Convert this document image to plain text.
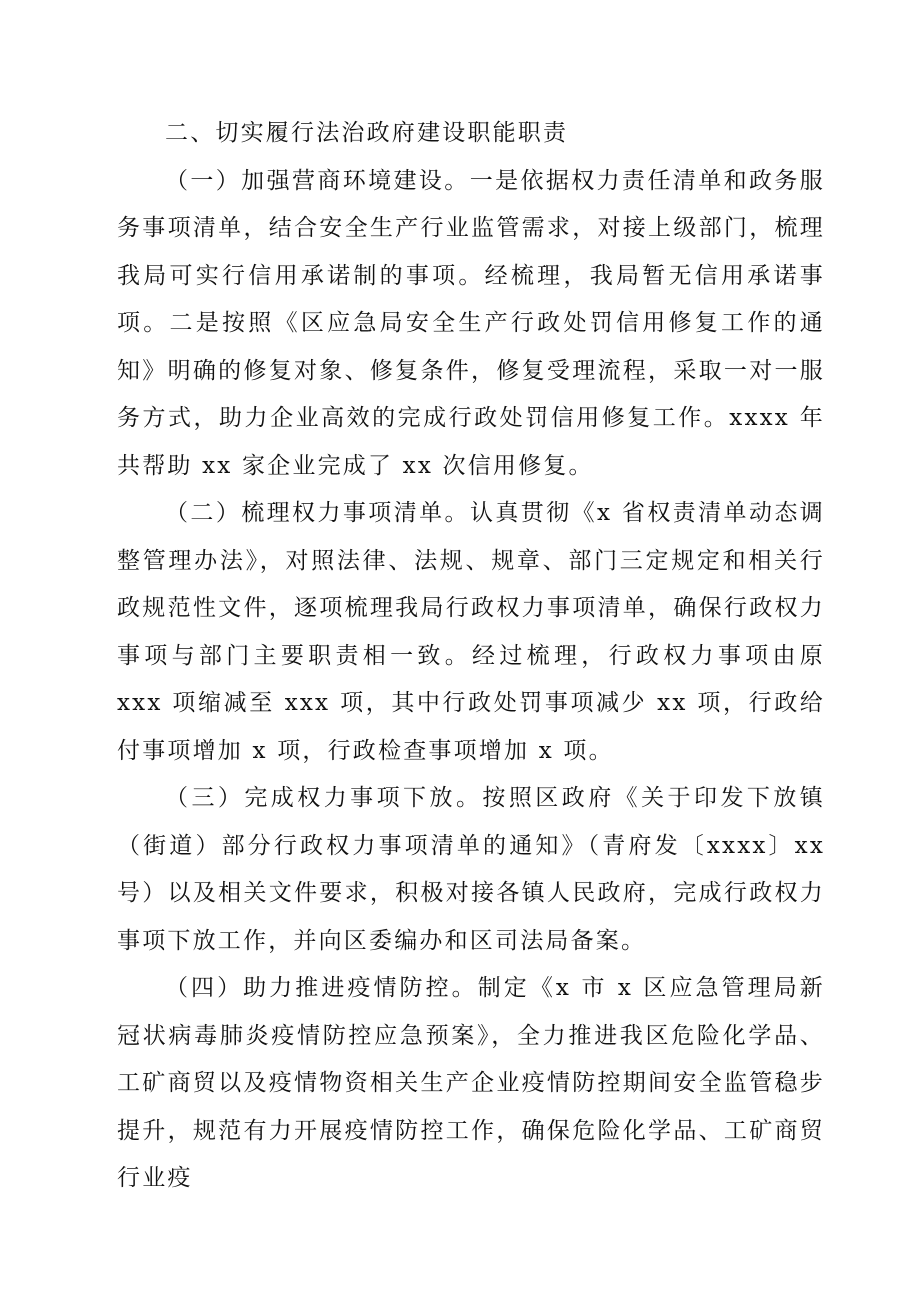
二、切实履行法治政府建设职能职责

（一）加强营商环境建设。一是依据权力责任清单和政务服务事项清单，结合安全生产行业监管需求，对接上级部门，梳理我局可实行信用承诺制的事项。经梳理，我局暂无信用承诺事项。二是按照《区应急局安全生产行政处罚信用修复工作的通知》明确的修复对象、修复条件，修复受理流程，采取一对一服务方式，助力企业高效的完成行政处罚信用修复工作。xxxx 年共帮助 xx 家企业完成了 xx 次信用修复。

（二）梳理权力事项清单。认真贯彻《x 省权责清单动态调整管理办法》，对照法律、法规、规章、部门三定规定和相关行政规范性文件，逐项梳理我局行政权力事项清单，确保行政权力事项与部门主要职责相一致。经过梳理，行政权力事项由原 xxx 项缩减至 xxx 项，其中行政处罚事项减少 xx 项，行政给付事项增加 x 项，行政检查事项增加 x 项。

（三）完成权力事项下放。按照区政府《关于印发下放镇（街道）部分行政权力事项清单的通知》（青府发〔xxxx〕xx 号）以及相关文件要求，积极对接各镇人民政府，完成行政权力事项下放工作，并向区委编办和区司法局备案。

（四）助力推进疫情防控。制定《x 市 x 区应急管理局新冠状病毒肺炎疫情防控应急预案》，全力推进我区危险化学品、工矿商贸以及疫情物资相关生产企业疫情防控期间安全监管稳步提升，规范有力开展疫情防控工作，确保危险化学品、工矿商贸行业疫
